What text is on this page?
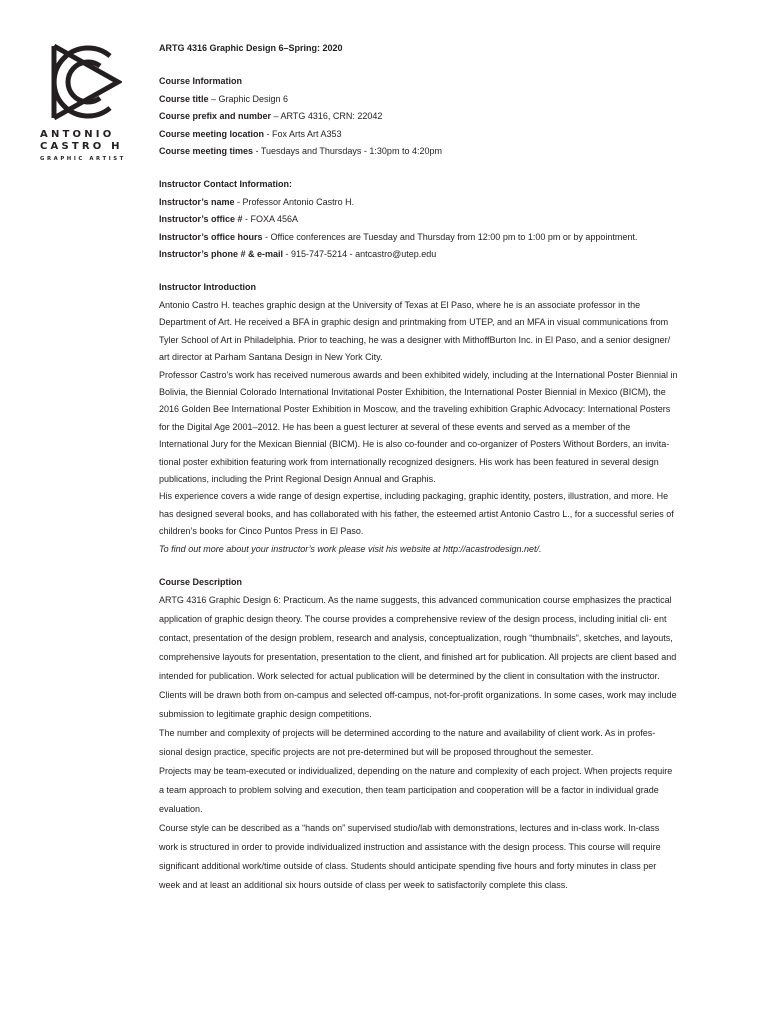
ANTONIO
CASTRO H
GRAPHIC ARTIST

ARTG 4316 Graphic Design 6–Spring: 2020

Course Information

Course title – Graphic Design 6

Course prefix and number – ARTG 4316, CRN: 22042

Course meeting location - Fox Arts Art A353

Course meeting times - Tuesdays and Thursdays - 1:30pm to 4:20pm

Instructor Contact Information:

Instructor’s name - Professor Antonio Castro H.

Instructor’s office # - FOXA 456A

Instructor’s office hours - Office conferences are Tuesday and Thursday from 12:00 pm to 1:00 pm or by appointment.

Instructor’s phone # & e-mail - 915-747-5214 - antcastro@utep.edu

Instructor Introduction

Antonio Castro H. teaches graphic design at the University of Texas at El Paso, where he is an associate professor in the Department of Art. He received a BFA in graphic design and printmaking from UTEP, and an MFA in visual communications from Tyler School of Art in Philadelphia. Prior to teaching, he was a designer with MithoffBurton Inc. in El Paso, and a senior designer/ art director at Parham Santana Design in New York City.

Professor Castro’s work has received numerous awards and been exhibited widely, including at the International Poster Biennial in Bolivia, the Biennial Colorado International Invitational Poster Exhibition, the International Poster Biennial in Mexico (BICM), the 2016 Golden Bee International Poster Exhibition in Moscow, and the traveling exhibition Graphic Advocacy: International Posters for the Digital Age 2001–2012. He has been a guest lecturer at several of these events and served as a member of the International Jury for the Mexican Biennial (BICM). He is also co-founder and co-organizer of Posters Without Borders, an invita- tional poster exhibition featuring work from internationally recognized designers. His work has been featured in several design publications, including the Print Regional Design Annual and Graphis.

His experience covers a wide range of design expertise, including packaging, graphic identity, posters, illustration, and more. He has designed several books, and has collaborated with his father, the esteemed artist Antonio Castro L., for a successful series of children’s books for Cinco Puntos Press in El Paso.

To find out more about your instructor’s work please visit his website at http://acastrodesign.net/.

Course Description

ARTG 4316 Graphic Design 6: Practicum. As the name suggests, this advanced communication course emphasizes the practical application of graphic design theory. The course provides a comprehensive review of the design process, including initial cli- ent contact, presentation of the design problem, research and analysis, conceptualization, rough “thumbnails”, sketches, and layouts, comprehensive layouts for presentation, presentation to the client, and finished art for publication. All projects are client based and intended for publication. Work selected for actual publication will be determined by the client in consultation with the instructor. Clients will be drawn both from on-campus and selected off-campus, not-for-profit organizations. In some cases, work may include submission to legitimate graphic design competitions.

The number and complexity of projects will be determined according to the nature and availability of client work. As in profes- sional design practice, specific projects are not pre-determined but will be proposed throughout the semester.

Projects may be team-executed or individualized, depending on the nature and complexity of each project. When projects require a team approach to problem solving and execution, then team participation and cooperation will be a factor in individual grade evaluation.

Course style can be described as a “hands on” supervised studio/lab with demonstrations, lectures and in-class work. In-class work is structured in order to provide individualized instruction and assistance with the design process. This course will require significant additional work/time outside of class. Students should anticipate spending five hours and forty minutes in class per week and at least an additional six hours outside of class per week to satisfactorily complete this class.
